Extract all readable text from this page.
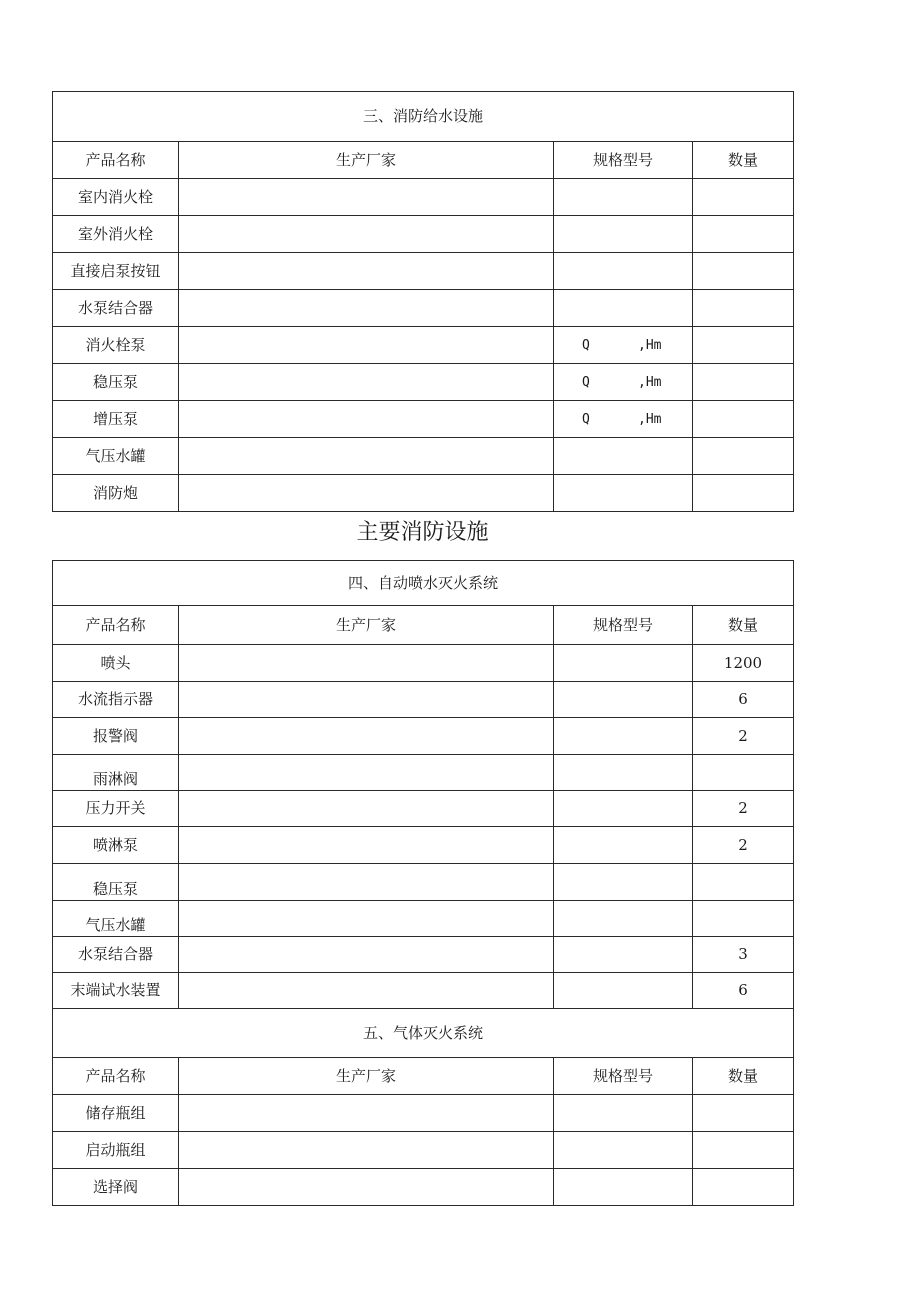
三、消防给水设施			
产品名称	生产厂家	规格型号	数量
室内消火栓			
室外消火栓			
直接启泵按钮			
水泵结合器			
消火栓泵		Q ,Hm	
稳压泵		Q ,Hm	
增压泵		Q ,Hm	
气压水罐			
消防炮			
主要消防设施
四、自动喷水灭火系统			
产品名称	生产厂家	规格型号	数量
喷头			1200
水流指示器			6
报警阀			2
雨淋阀			
压力开关			2
喷淋泵			2
稳压泵			
气压水罐			
水泵结合器			3
末端试水装置			6
五、气体灭火系统			
产品名称	生产厂家	规格型号	数量
储存瓶组			
启动瓶组			
选择阀			
